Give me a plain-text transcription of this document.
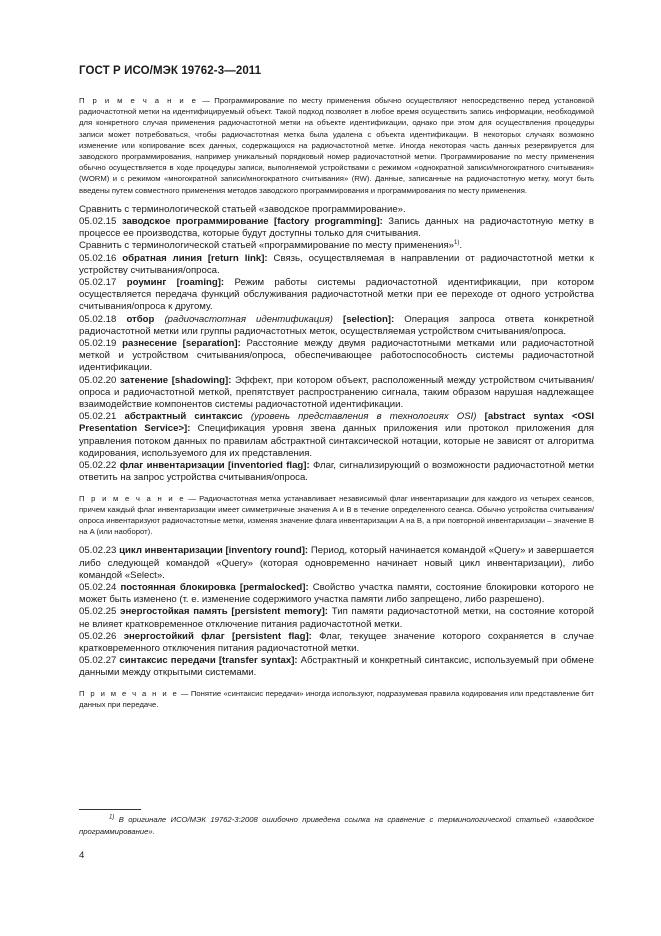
ГОСТ Р ИСО/МЭК 19762-3—2011

П р и м е ч а н и е — Программирование по месту применения обычно осуществляют непосредственно перед установкой радиочастотной метки на идентифицируемый объект. Такой подход позволяет в любое время осуществить запись информации, необходимой для конкретного случая применения радиочастотной метки на объекте идентификации, однако при этом для осуществления процедуры записи может потребоваться, чтобы радиочастотная метка была удалена с объекта идентификации. В некоторых случаях возможно изменение или копирование всех данных, содержащихся на радиочастотной метке. Иногда некоторая часть данных резервируется для заводского программирования, например уникальный порядковый номер радиочастотной метки. Программирование по месту применения обычно осуществляется в ходе процедуры записи, выполняемой устройствами с режимом «однократной записи/многократного считывания» (WORM) и с режимом «многократной записи/многократного считывания» (RW). Данные, записанные на радиочастотную метку, могут быть введены путем совместного применения методов заводского программирования и программирования по месту применения.

Сравнить с терминологической статьей «заводское программирование».

05.02.15 заводское программирование [factory programming]: Запись данных на радиочастотную метку в процессе ее производства, которые будут доступны только для считывания.

Сравнить с терминологической статьей «программирование по месту применения»$^{1)}$.

05.02.16 обратная линия [return link]: Связь, осуществляемая в направлении от радиочастотной метки к устройству считывания/опроса.

05.02.17 роуминг [roaming]: Режим работы системы радиочастотной идентификации, при котором осуществляется передача функций обслуживания радиочастотной метки при ее переходе от одного устройства считывания/опроса к другому.

05.02.18 отбор (радиочастотная идентификация) [selection]: Операция запроса ответа конкретной радиочастотной метки или группы радиочастотных меток, осуществляемая устройством считывания/опроса.

05.02.19 разнесение [separation]: Расстояние между двумя радиочастотными метками или радиочастотной меткой и устройством считывания/опроса, обеспечивающее работоспособность системы радиочастотной идентификации.

05.02.20 затенение [shadowing]: Эффект, при котором объект, расположенный между устройством считывания/опроса и радиочастотной меткой, препятствует распространению сигнала, таким образом нарушая надлежащее взаимодействие компонентов системы радиочастотной идентификации.

05.02.21 абстрактный синтаксис (уровень представления в технологиях OSI) [abstract syntax <OSI Presentation Service>]: Спецификация уровня звена данных приложения или протокол приложения для управления потоком данных по правилам абстрактной синтаксической нотации, которые не зависят от алгоритма кодирования, используемого для их представления.

05.02.22 флаг инвентаризации [inventoried flag]: Флаг, сигнализирующий о возможности радиочастотной метки ответить на запрос устройства считывания/опроса.

П р и м е ч а н и е — Радиочастотная метка устанавливает независимый флаг инвентаризации для каждого из четырех сеансов, причем каждый флаг инвентаризации имеет симметричные значения A и B в течение определенного сеанса. Обычно устройства считывания/опроса инвентаризуют радиочастотные метки, изменяя значение флага инвентаризации A на B, а при повторной инвентаризации – значение B на A (или наоборот).

05.02.23 цикл инвентаризации [inventory round]: Период, который начинается командой «Query» и завершается либо следующей командой «Query» (которая одновременно начинает новый цикл инвентаризации), либо командой «Select».

05.02.24 постоянная блокировка [permalocked]: Свойство участка памяти, состояние блокировки которого не может быть изменено (т. е. изменение содержимого участка памяти либо запрещено, либо разрешено).

05.02.25 энергостойкая память [persistent memory]: Тип памяти радиочастотной метки, на состояние которой не влияет кратковременное отключение питания радиочастотной метки.

05.02.26 энергостойкий флаг [persistent flag]: Флаг, текущее значение которого сохраняется в случае кратковременного отключения питания радиочастотной метки.

05.02.27 синтаксис передачи [transfer syntax]: Абстрактный и конкретный синтаксис, используемый при обмене данными между открытыми системами.

П р и м е ч а н и е — Понятие «синтаксис передачи» иногда используют, подразумевая правила кодирования или представление бит данных при передаче.

$^{1)}$ В оригинале ИСО/МЭК 19762-3:2008 ошибочно приведена ссылка на сравнение с терминологической статьей «заводское программирование».
4
